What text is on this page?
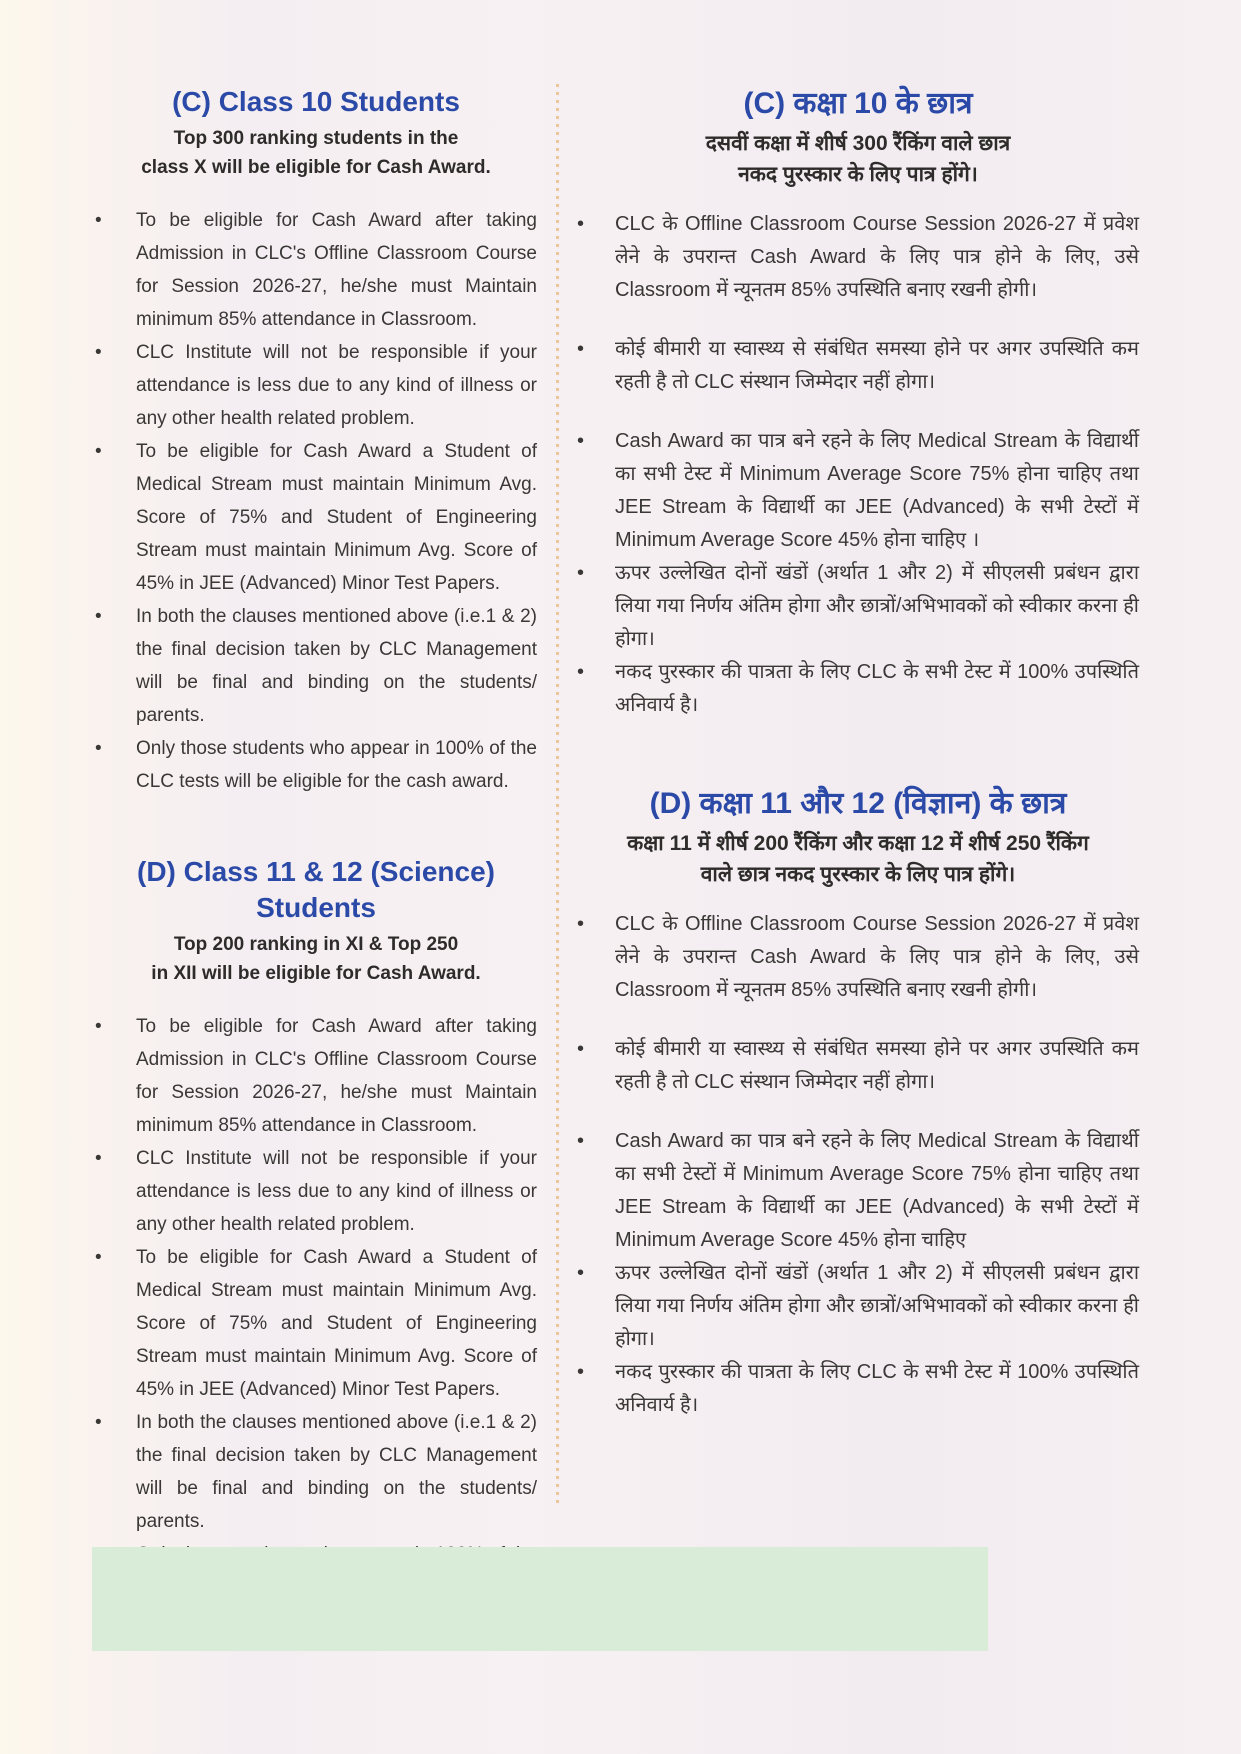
(C) Class 10 Students
Top 300 ranking students in the
class X will be eligible for Cash Award.
•	To be eligible for Cash Award after taking Admission in CLC's Offline Classroom Course for Session 2026-27, he/she must Maintain minimum 85% attendance in Classroom.
•	CLC Institute will not be responsible if your attendance is less due to any kind of illness or any other health related problem.
•	To be eligible for Cash Award a Student of Medical Stream must maintain Minimum Avg. Score of 75% and Student of Engineering Stream must maintain Minimum Avg. Score of 45% in JEE (Advanced) Minor Test Papers.
•	In both the clauses mentioned above (i.e.1 & 2) the final decision taken by CLC Management will be final and binding on the students/ parents.
•	Only those students who appear in 100% of the CLC tests will be eligible for the cash award.
(D) Class 11 & 12 (Science) Students
Top 200 ranking in XI & Top 250
in XII will be eligible for Cash Award.
•	To be eligible for Cash Award after taking Admission in CLC's Offline Classroom Course for Session 2026-27, he/she must Maintain minimum 85% attendance in Classroom.
•	CLC Institute will not be responsible if your attendance is less due to any kind of illness or any other health related problem.
•	To be eligible for Cash Award a Student of Medical Stream must maintain Minimum Avg. Score of 75% and Student of Engineering Stream must maintain Minimum Avg. Score of 45% in JEE (Advanced) Minor Test Papers.
•	In both the clauses mentioned above (i.e.1 & 2) the final decision taken by CLC Management will be final and binding on the students/ parents.
(C) कक्षा 10 के छात्र
दसवीं कक्षा में शीर्ष 300 रैंकिंग वाले छात्र
नकद पुरस्कार के लिए पात्र होंगे।
•	CLC के Offline Classroom Course Session 2026-27 में प्रवेश लेने के उपरान्त Cash Award के लिए पात्र होने के लिए, उसे Classroom में न्यूनतम 85% उपस्थिति बनाए रखनी होगी।
•	कोई बीमारी या स्वास्थ्य से संबंधित समस्या होने पर अगर उपस्थिति कम रहती है तो CLC संस्थान जिम्मेदार नहीं होगा।
•	Cash Award का पात्र बने रहने के लिए Medical Stream के विद्यार्थी का सभी टेस्ट में Minimum Average Score 75% होना चाहिए तथा JEE Stream के विद्यार्थी का JEE (Advanced) के सभी टेस्टों में Minimum Average Score 45% होना चाहिए ।
•	ऊपर उल्लेखित दोनों खंडों (अर्थात 1 और 2) में सीएलसी प्रबंधन द्वारा लिया गया निर्णय अंतिम होगा और छात्रों/अभिभावकों को स्वीकार करना ही होगा।
•	नकद पुरस्कार की पात्रता के लिए CLC के सभी टेस्ट में 100% उपस्थिति अनिवार्य है।
(D) कक्षा 11 और 12 (विज्ञान) के छात्र
कक्षा 11 में शीर्ष 200 रैंकिंग और कक्षा 12 में शीर्ष 250 रैंकिंग
वाले छात्र नकद पुरस्कार के लिए पात्र होंगे।
•	CLC के Offline Classroom Course Session 2026-27 में प्रवेश लेने के उपरान्त Cash Award के लिए पात्र होने के लिए, उसे Classroom में न्यूनतम 85% उपस्थिति बनाए रखनी होगी।
•	कोई बीमारी या स्वास्थ्य से संबंधित समस्या होने पर अगर उपस्थिति कम रहती है तो CLC संस्थान जिम्मेदार नहीं होगा।
•	Cash Award का पात्र बने रहने के लिए Medical Stream के विद्यार्थी का सभी टेस्टों में Minimum Average Score 75% होना चाहिए तथा JEE Stream के विद्यार्थी का JEE (Advanced) के सभी टेस्टों में Minimum Average Score 45% होना चाहिए
•	ऊपर उल्लेखित दोनों खंडों (अर्थात 1 और 2) में सीएलसी प्रबंधन द्वारा लिया गया निर्णय अंतिम होगा और छात्रों/अभिभावकों को स्वीकार करना ही होगा।
•	नकद पुरस्कार की पात्रता के लिए CLC के सभी टेस्ट में 100% उपस्थिति अनिवार्य है।
